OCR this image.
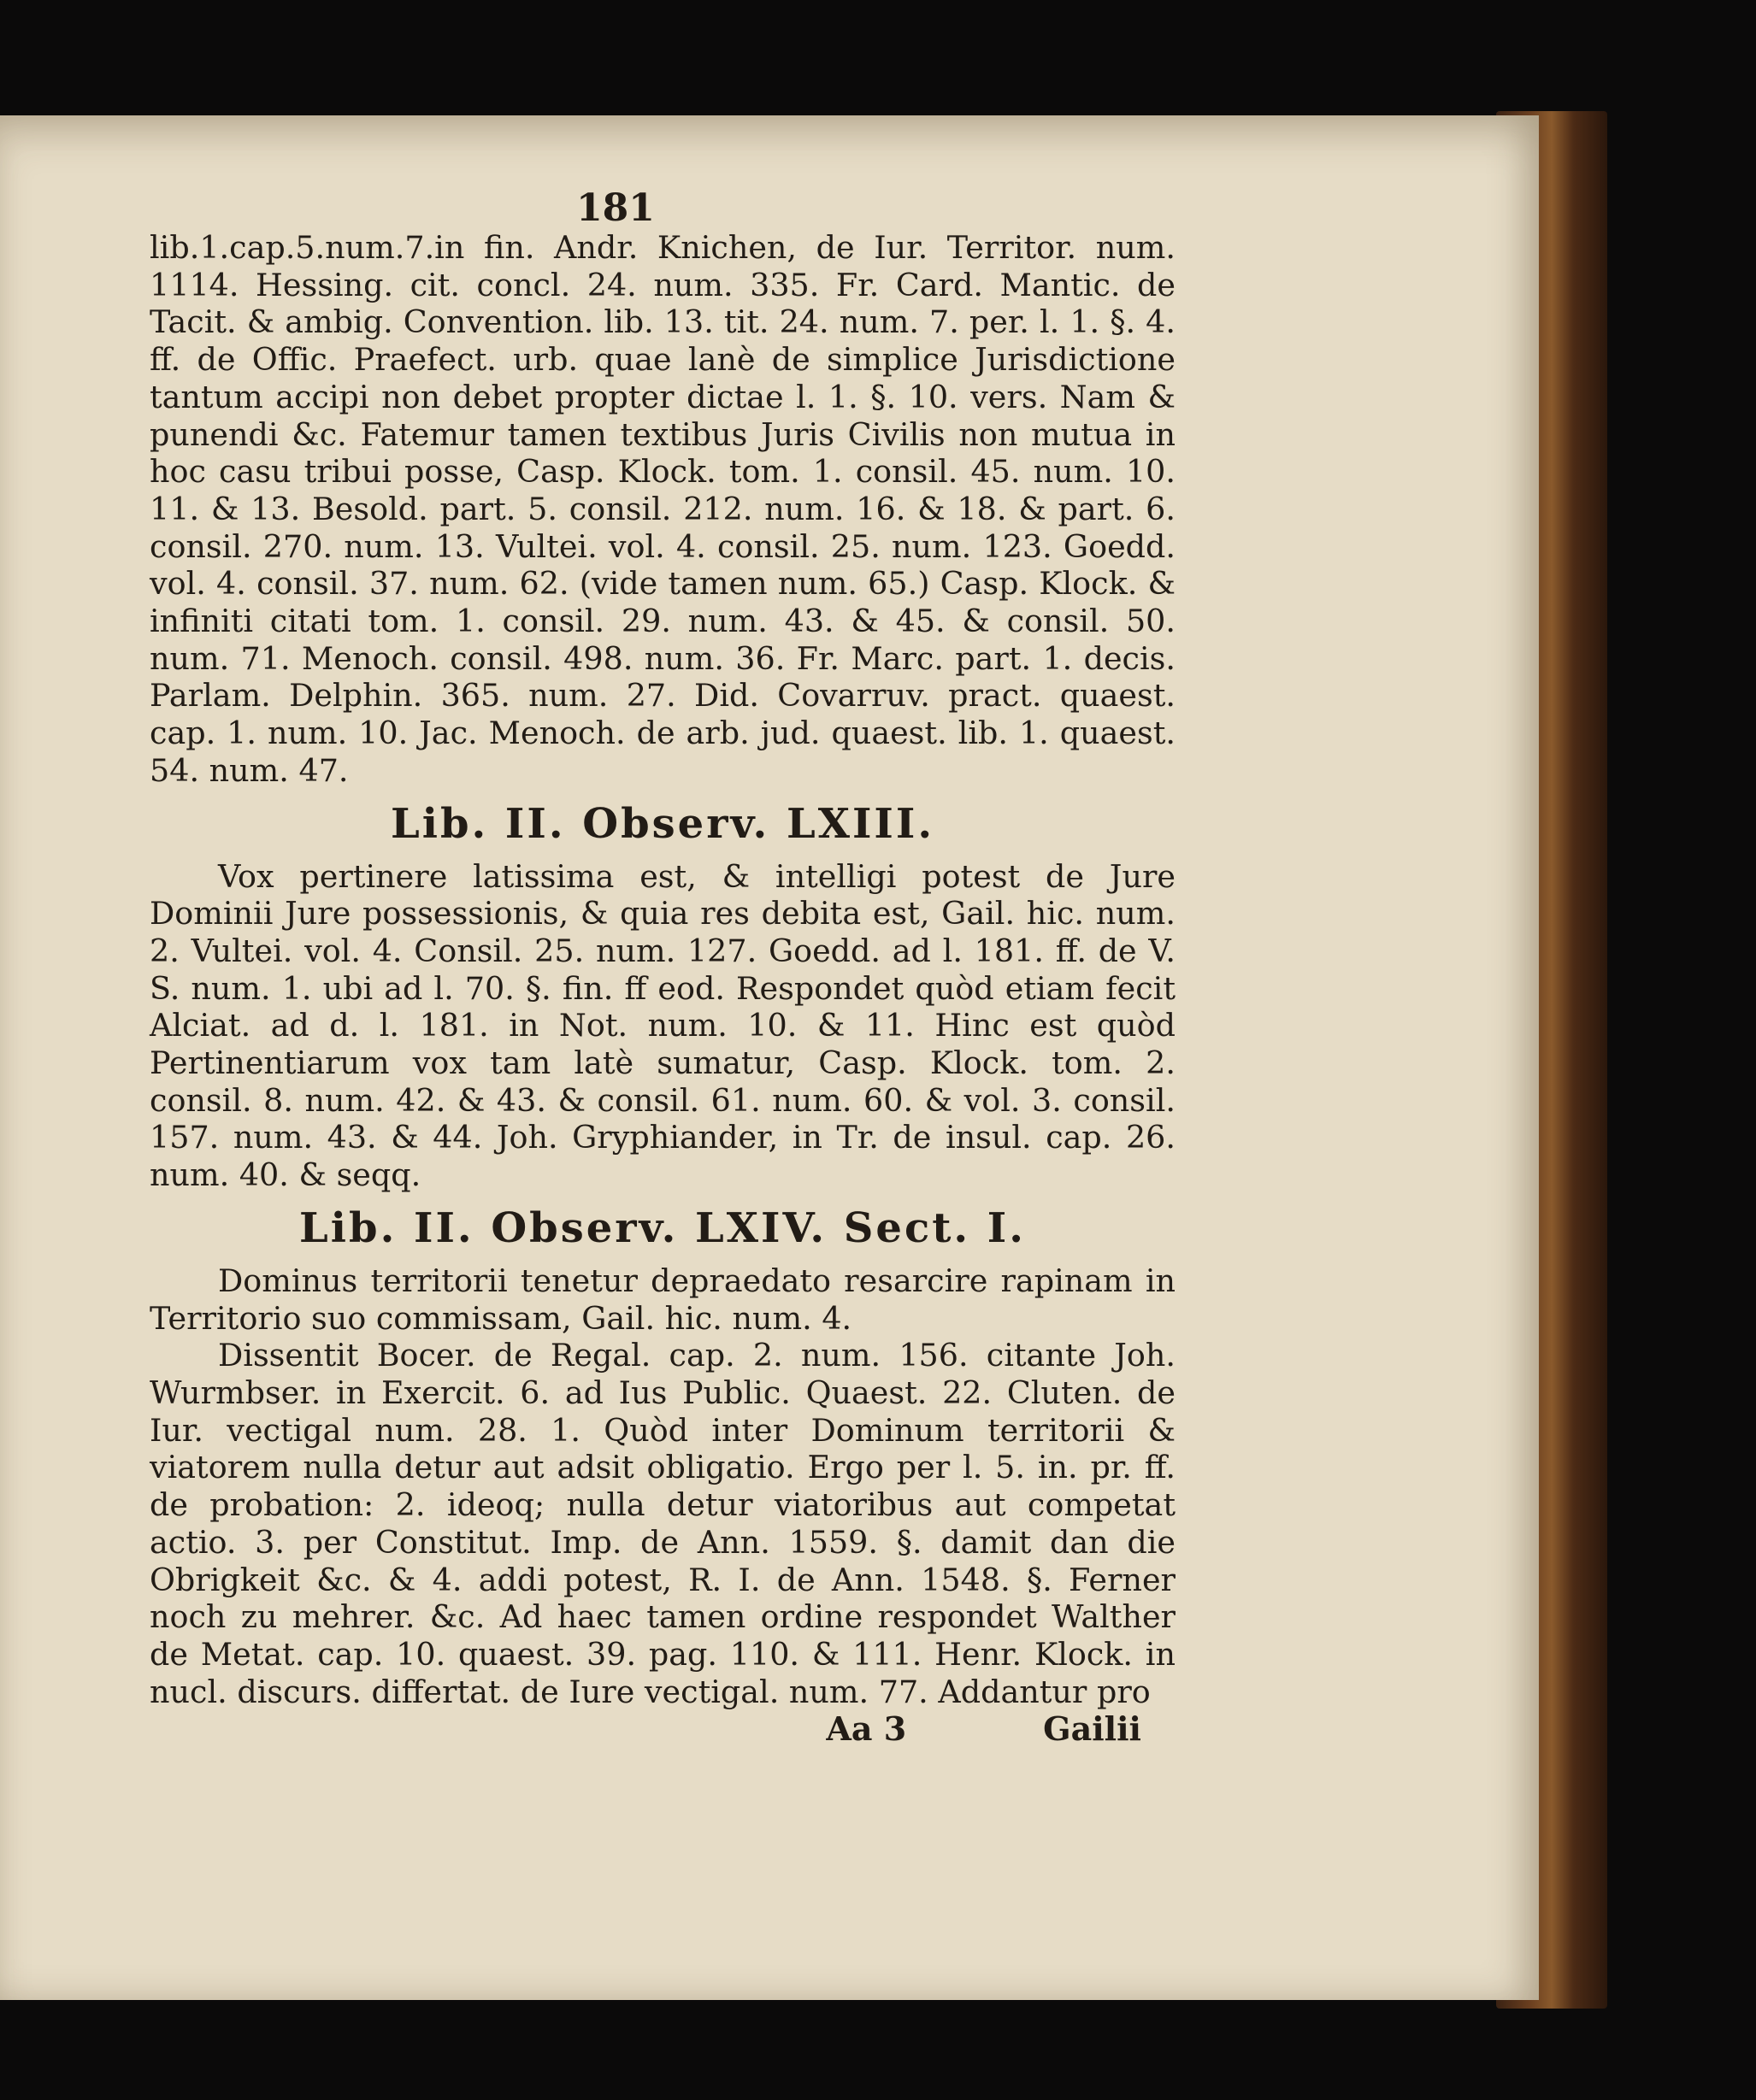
181

lib.1.cap.5.num.7.in fin. Andr. Knichen, de Iur. Territor. num. 1114. Hessing. cit. concl. 24. num. 335. Fr. Card. Mantic. de Tacit. & ambig. Convention. lib. 13. tit. 24. num. 7. per. l. 1. §. 4. ff. de Offic. Praefect. urb. quae lanè de simplice Jurisdictione tantum accipi non debet propter dictae l. 1. §. 10. vers. Nam & punendi &c. Fatemur tamen textibus Juris Civilis non mutua in hoc casu tribui posse, Casp. Klock. tom. 1. consil. 45. num. 10. 11. & 13. Besold. part. 5. consil. 212. num. 16. & 18. & part. 6. consil. 270. num. 13. Vultei. vol. 4. consil. 25. num. 123. Goedd. vol. 4. consil. 37. num. 62. (vide tamen num. 65.) Casp. Klock. & infiniti citati tom. 1. consil. 29. num. 43. & 45. & consil. 50. num. 71. Menoch. consil. 498. num. 36. Fr. Marc. part. 1. decis. Parlam. Delphin. 365. num. 27. Did. Covarruv. pract. quaest. cap. 1. num. 10. Jac. Menoch. de arb. jud. quaest. lib. 1. quaest. 54. num. 47.

Lib. II. Observ. LXIII.

Vox pertinere latissima est, & intelligi potest de Jure Dominii Jure possessionis, & quia res debita est, Gail. hic. num. 2. Vultei. vol. 4. Consil. 25. num. 127. Goedd. ad l. 181. ff. de V. S. num. 1. ubi ad l. 70. §. fin. ff eod. Respondet quòd etiam fecit Alciat. ad d. l. 181. in Not. num. 10. & 11. Hinc est quòd Pertinentiarum vox tam latè sumatur, Casp. Klock. tom. 2. consil. 8. num. 42. & 43. & consil. 61. num. 60. & vol. 3. consil. 157. num. 43. & 44. Joh. Gryphiander, in Tr. de insul. cap. 26. num. 40. & seqq.

Lib. II. Observ. LXIV. Sect. I.

Dominus territorii tenetur depraedato resarcire rapinam in Territorio suo commissam, Gail. hic. num. 4.

Dissentit Bocer. de Regal. cap. 2. num. 156. citante Joh. Wurmbser. in Exercit. 6. ad Ius Public. Quaest. 22. Cluten. de Iur. vectigal num. 28. 1. Quòd inter Dominum territorii & viatorem nulla detur aut adsit obligatio. Ergo per l. 5. in. pr. ff. de probation: 2. ideoq; nulla detur viatoribus aut competat actio. 3. per Constitut. Imp. de Ann. 1559. §. damit dan die Obrigkeit &c. & 4. addi potest, R. I. de Ann. 1548. §. Ferner noch zu mehrer. &c. Ad haec tamen ordine respondet Walther de Metat. cap. 10. quaest. 39. pag. 110. & 111. Henr. Klock. in nucl. discurs. differtat. de Iure vectigal. num. 77. Addantur pro

Aa 3	Gailii
